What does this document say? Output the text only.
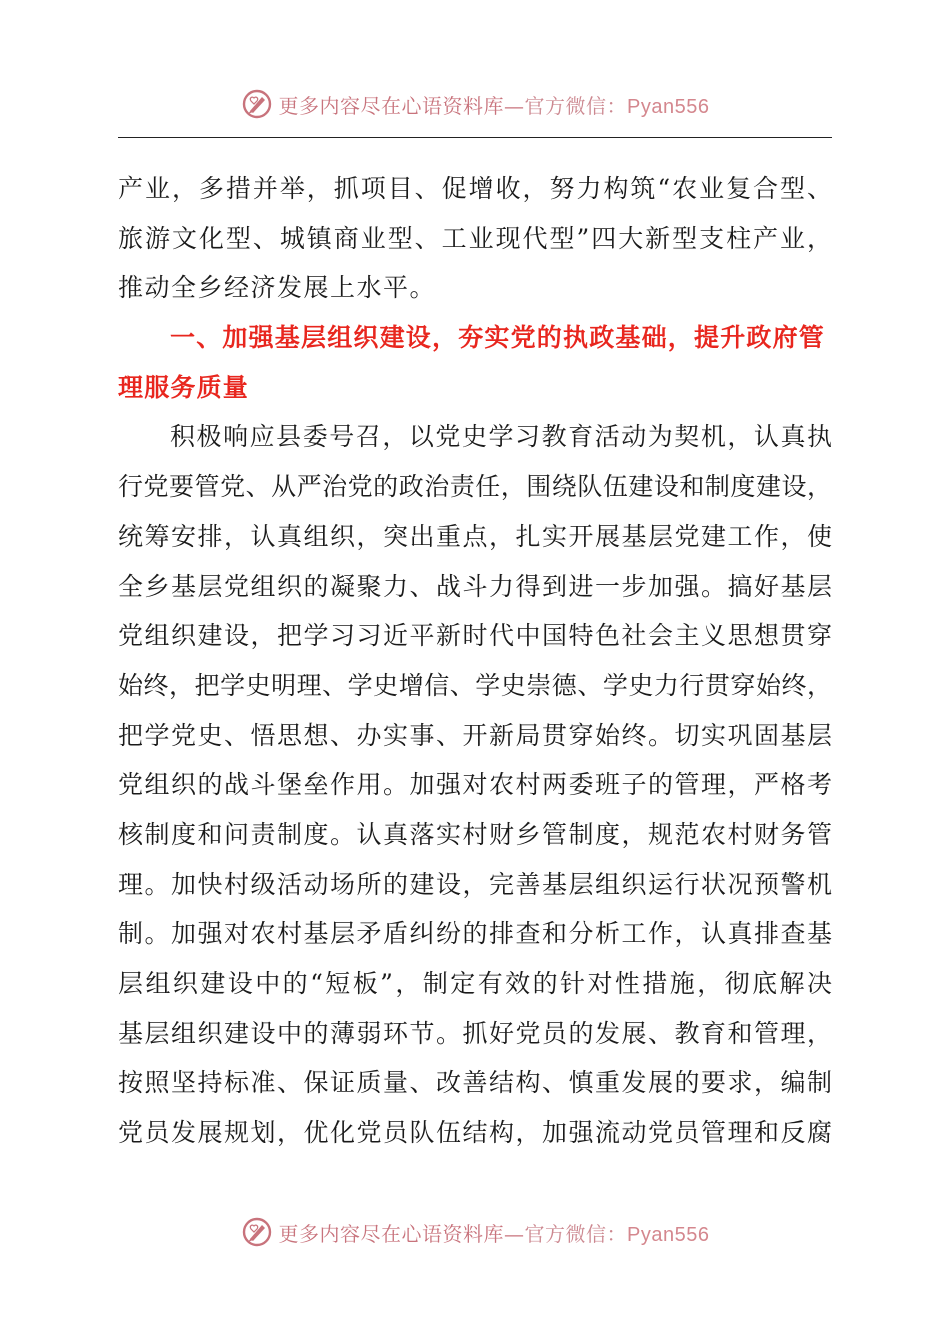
更多内容尽在心语资料库—官方微信：Pyan556
产业，多措并举，抓项目、促增收，努力构筑“农业复合型、
旅游文化型、城镇商业型、工业现代型”四大新型支柱产业，
推动全乡经济发展上水平。
一、加强基层组织建设，夯实党的执政基础，提升政府管
理服务质量
积极响应县委号召，以党史学习教育活动为契机，认真执
行党要管党、从严治党的政治责任，围绕队伍建设和制度建设，
统筹安排，认真组织，突出重点，扎实开展基层党建工作，使
全乡基层党组织的凝聚力、战斗力得到进一步加强。搞好基层
党组织建设，把学习习近平新时代中国特色社会主义思想贯穿
始终，把学史明理、学史增信、学史崇德、学史力行贯穿始终，
把学党史、悟思想、办实事、开新局贯穿始终。切实巩固基层
党组织的战斗堡垒作用。加强对农村两委班子的管理，严格考
核制度和问责制度。认真落实村财乡管制度，规范农村财务管
理。加快村级活动场所的建设，完善基层组织运行状况预警机
制。加强对农村基层矛盾纠纷的排查和分析工作，认真排查基
层组织建设中的“短板”，制定有效的针对性措施，彻底解决
基层组织建设中的薄弱环节。抓好党员的发展、教育和管理，
按照坚持标准、保证质量、改善结构、慎重发展的要求，编制
党员发展规划，优化党员队伍结构，加强流动党员管理和反腐
更多内容尽在心语资料库—官方微信：Pyan556
